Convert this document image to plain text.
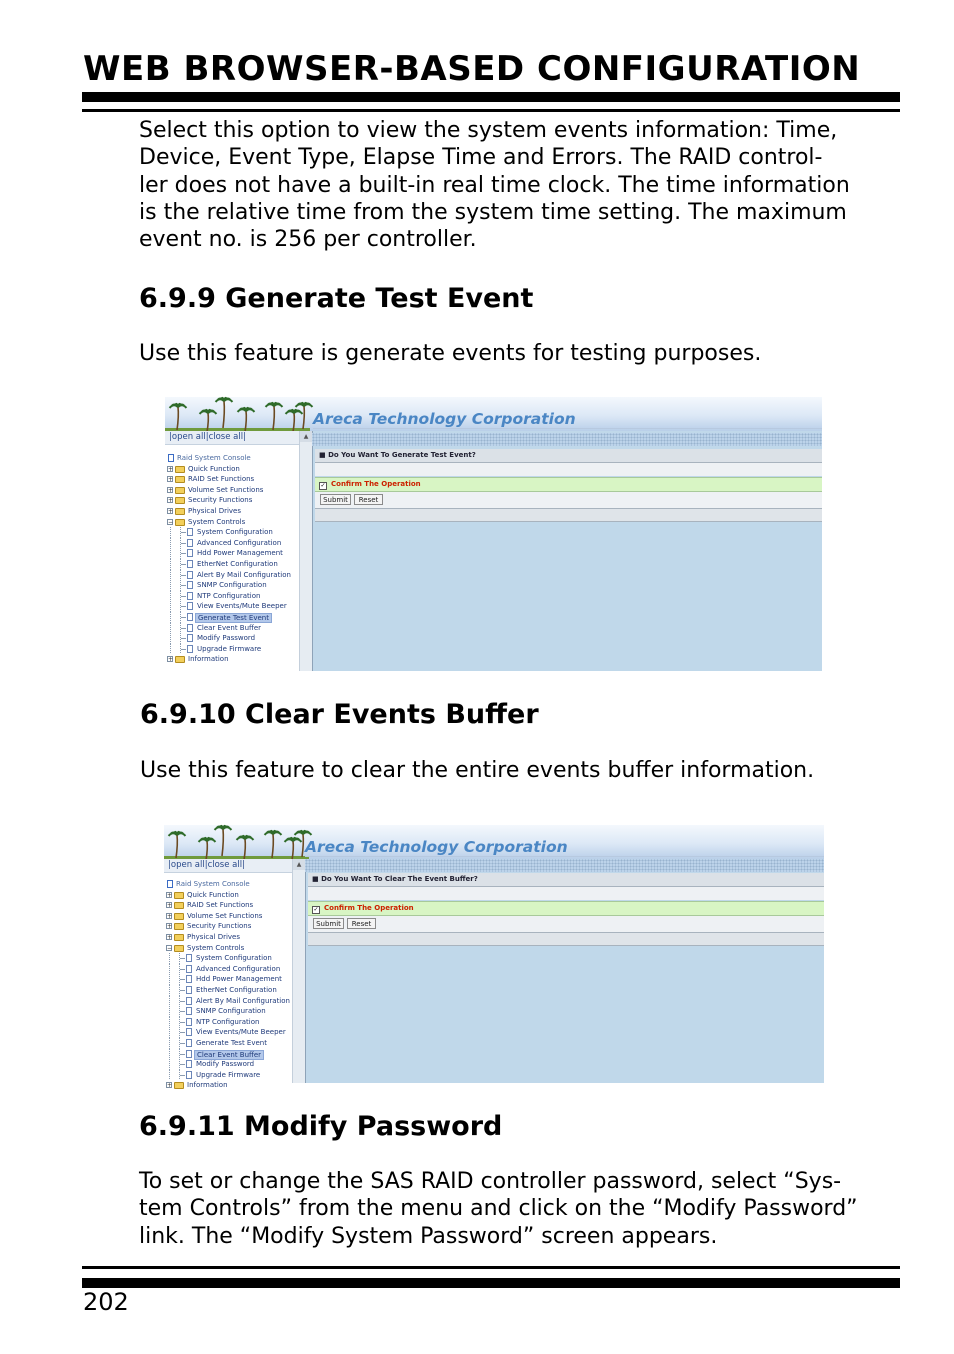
WEB BROWSER-BASED CONFIGURATION

Select this option to view the system events information: Time,
Device, Event Type, Elapse Time and Errors. The RAID control-
ler does not have a built-in real time clock. The time information
is the relative time from the system time setting. The maximum
event no. is 256 per controller.

6.9.9 Generate Test Event

Use this feature is generate events for testing purposes.

Areca Technology Corporation
|open all|close all|
Raid System Console
+ Quick Function
+ RAID Set Functions
+ Volume Set Functions
+ Security Functions
+ Physical Drives
− System Controls
System Configuration
Advanced Configuration
Hdd Power Management
EtherNet Configuration
Alert By Mail Configuration
SNMP Configuration
NTP Configuration
View Events/Mute Beeper
Generate Test Event
Clear Event Buffer
Modify Password
Upgrade Firmware
+ Information
▲
■ Do You Want To Generate Test Event?
✓ Confirm The Operation
Submit	Reset
6.9.10 Clear Events Buffer

Use this feature to clear the entire events buffer information.

Areca Technology Corporation
|open all|close all|
Raid System Console
+ Quick Function
+ RAID Set Functions
+ Volume Set Functions
+ Security Functions
+ Physical Drives
− System Controls
System Configuration
Advanced Configuration
Hdd Power Management
EtherNet Configuration
Alert By Mail Configuration
SNMP Configuration
NTP Configuration
View Events/Mute Beeper
Generate Test Event
Clear Event Buffer
Modify Password
Upgrade Firmware
+ Information
▲
■ Do You Want To Clear The Event Buffer?
✓ Confirm The Operation
Submit	Reset
6.9.11 Modify Password

To set or change the SAS RAID controller password, select “Sys-
tem Controls” from the menu and click on the “Modify Password”
link. The “Modify System Password” screen appears.

202
